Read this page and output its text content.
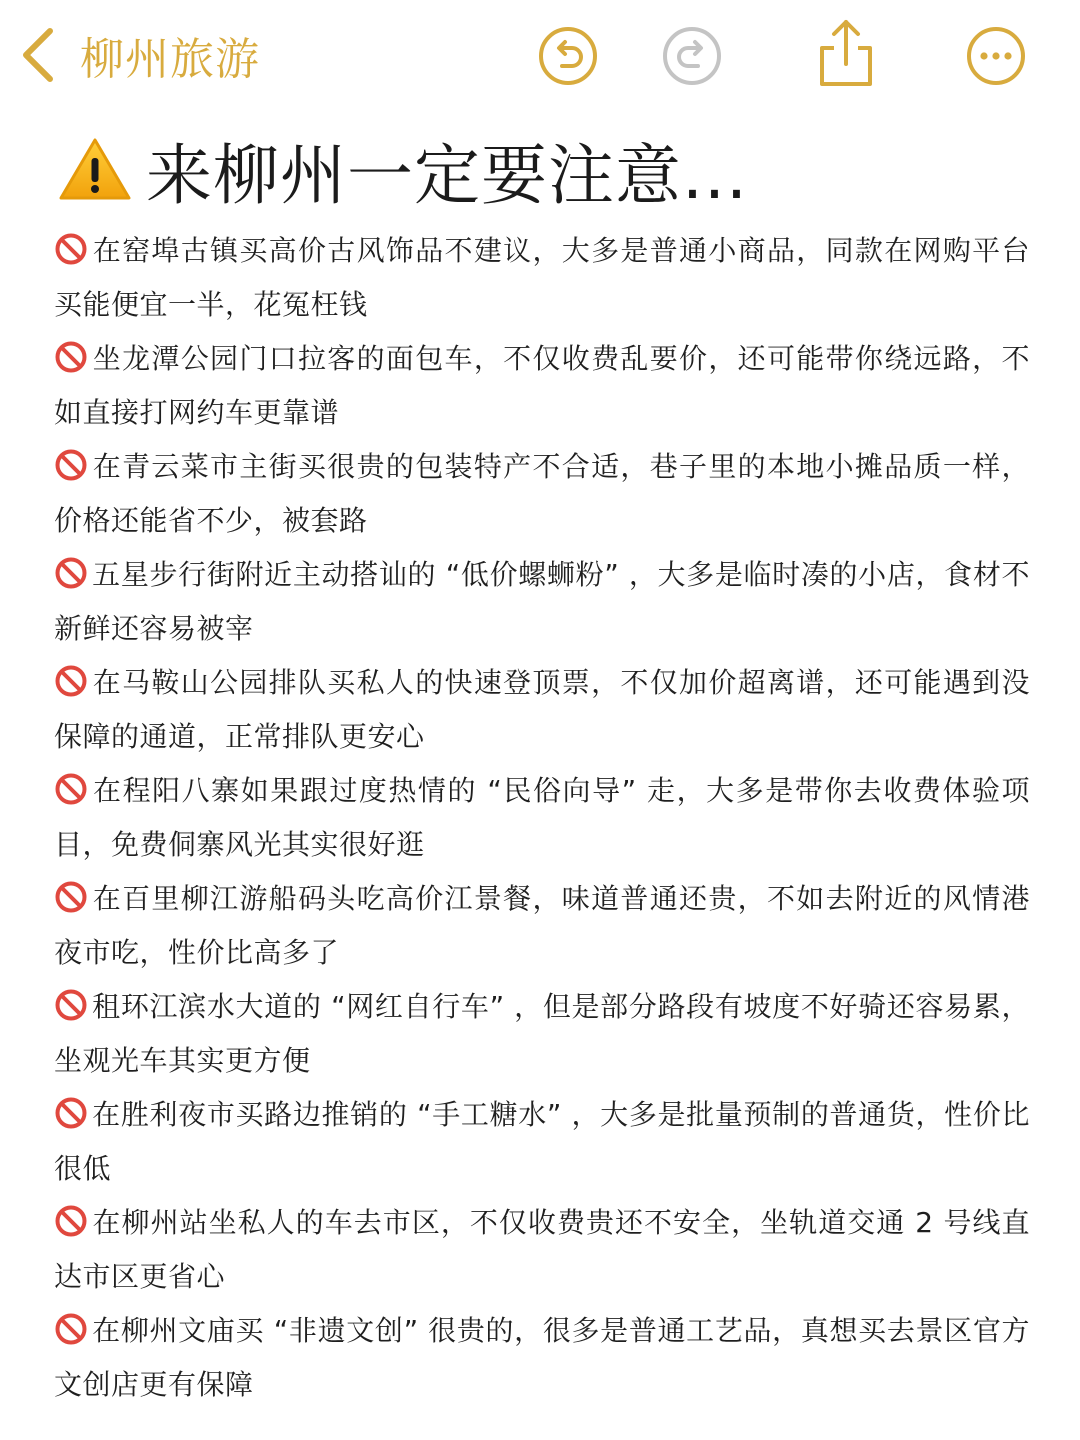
柳州旅游
来柳州一定要注意...
在窑埠古镇买高价古风饰品不建议，大多是普通小商品，同款在网购平台买能便宜一半，花冤枉钱
坐龙潭公园门口拉客的面包车，不仅收费乱要价，还可能带你绕远路，不如直接打网约车更靠谱
在青云菜市主街买很贵的包装特产不合适，巷子里的本地小摊品质一样，价格还能省不少，被套路
五星步行街附近主动搭讪的 “低价螺蛳粉” ，大多是临时凑的小店，食材不新鲜还容易被宰
在马鞍山公园排队买私人的快速登顶票，不仅加价超离谱，还可能遇到没保障的通道，正常排队更安心
在程阳八寨如果跟过度热情的 “民俗向导” 走，大多是带你去收费体验项目，免费侗寨风光其实很好逛
在百里柳江游船码头吃高价江景餐，味道普通还贵，不如去附近的风情港夜市吃，性价比高多了
租环江滨水大道的 “网红自行车” ，但是部分路段有坡度不好骑还容易累，坐观光车其实更方便
在胜利夜市买路边推销的 “手工糖水” ，大多是批量预制的普通货，性价比很低
在柳州站坐私人的车去市区，不仅收费贵还不安全，坐轨道交通 2 号线直达市区更省心
在柳州文庙买 “非遗文创” 很贵的，很多是普通工艺品，真想买去景区官方文创店更有保障
